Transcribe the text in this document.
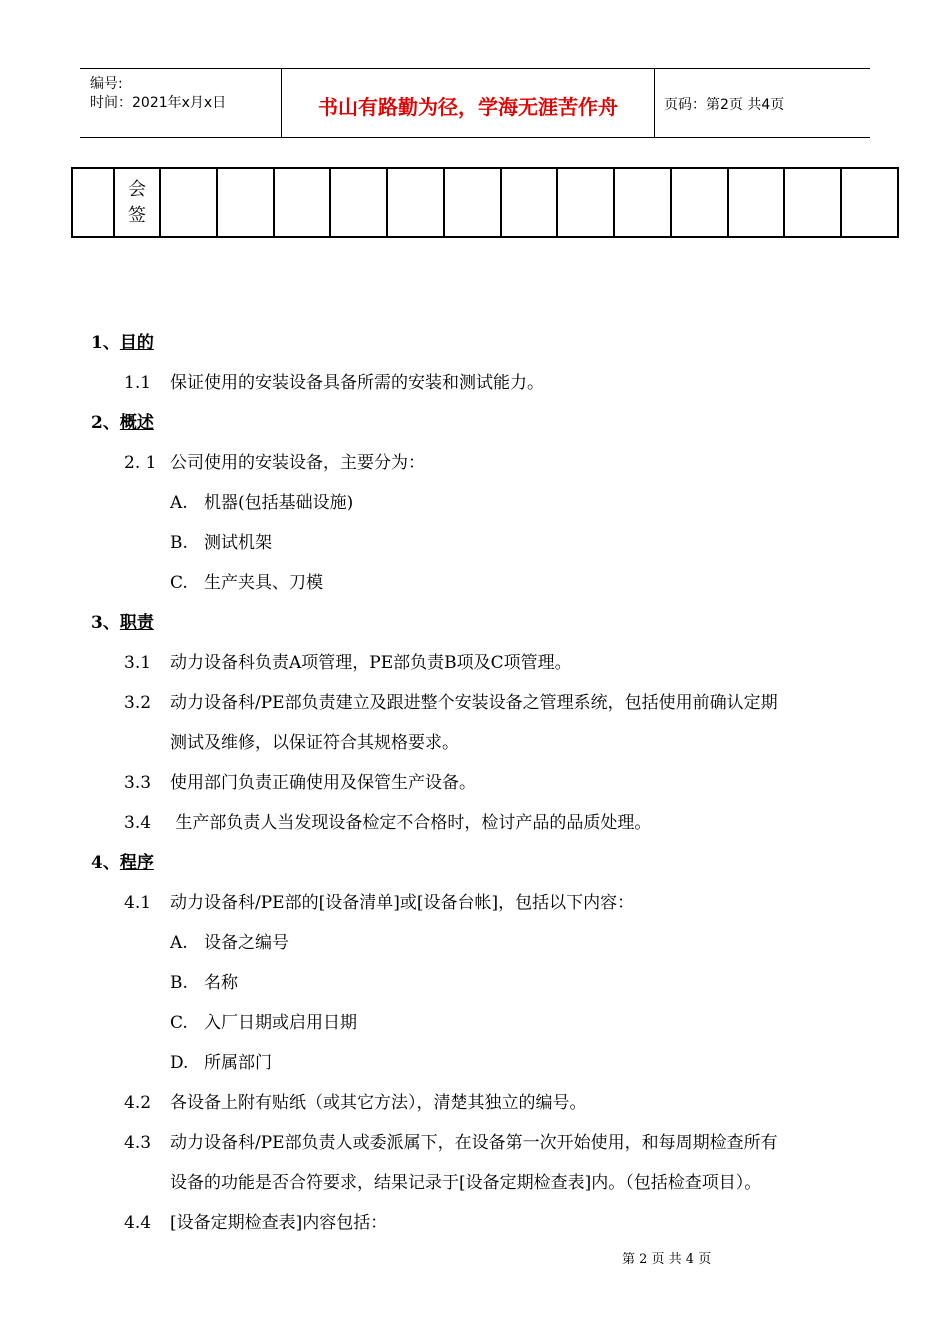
编号:
时间：2021年x月x日	书山有路勤为径，学海无涯苦作舟	页码：第2页 共4页

会
签

1、目的
1.1 保证使用的安装设备具备所需的安装和测试能力。
2、概述
2. 1 公司使用的安装设备，主要分为：
A. 机器(包括基础设施)
B. 测试机架
C. 生产夹具、刀模
3、职责
3.1 动力设备科负责A项管理，PE部负责B项及C项管理。
3.2 动力设备科/PE部负责建立及跟进整个安装设备之管理系统，包括使用前确认定期
测试及维修，以保证符合其规格要求。
3.3 使用部门负责正确使用及保管生产设备。
3.4 生产部负责人当发现设备检定不合格时，检讨产品的品质处理。
4、程序
4.1 动力设备科/PE部的[设备清单]或[设备台帐]，包括以下内容：
A. 设备之编号
B. 名称
C. 入厂日期或启用日期
D. 所属部门
4.2 各设备上附有贴纸（或其它方法），清楚其独立的编号。
4.3 动力设备科/PE部负责人或委派属下，在设备第一次开始使用，和每周期检查所有
设备的功能是否合符要求，结果记录于[设备定期检查表]内。（包括检查项目）。
4.4 [设备定期检查表]内容包括：
第 2 页 共 4 页
